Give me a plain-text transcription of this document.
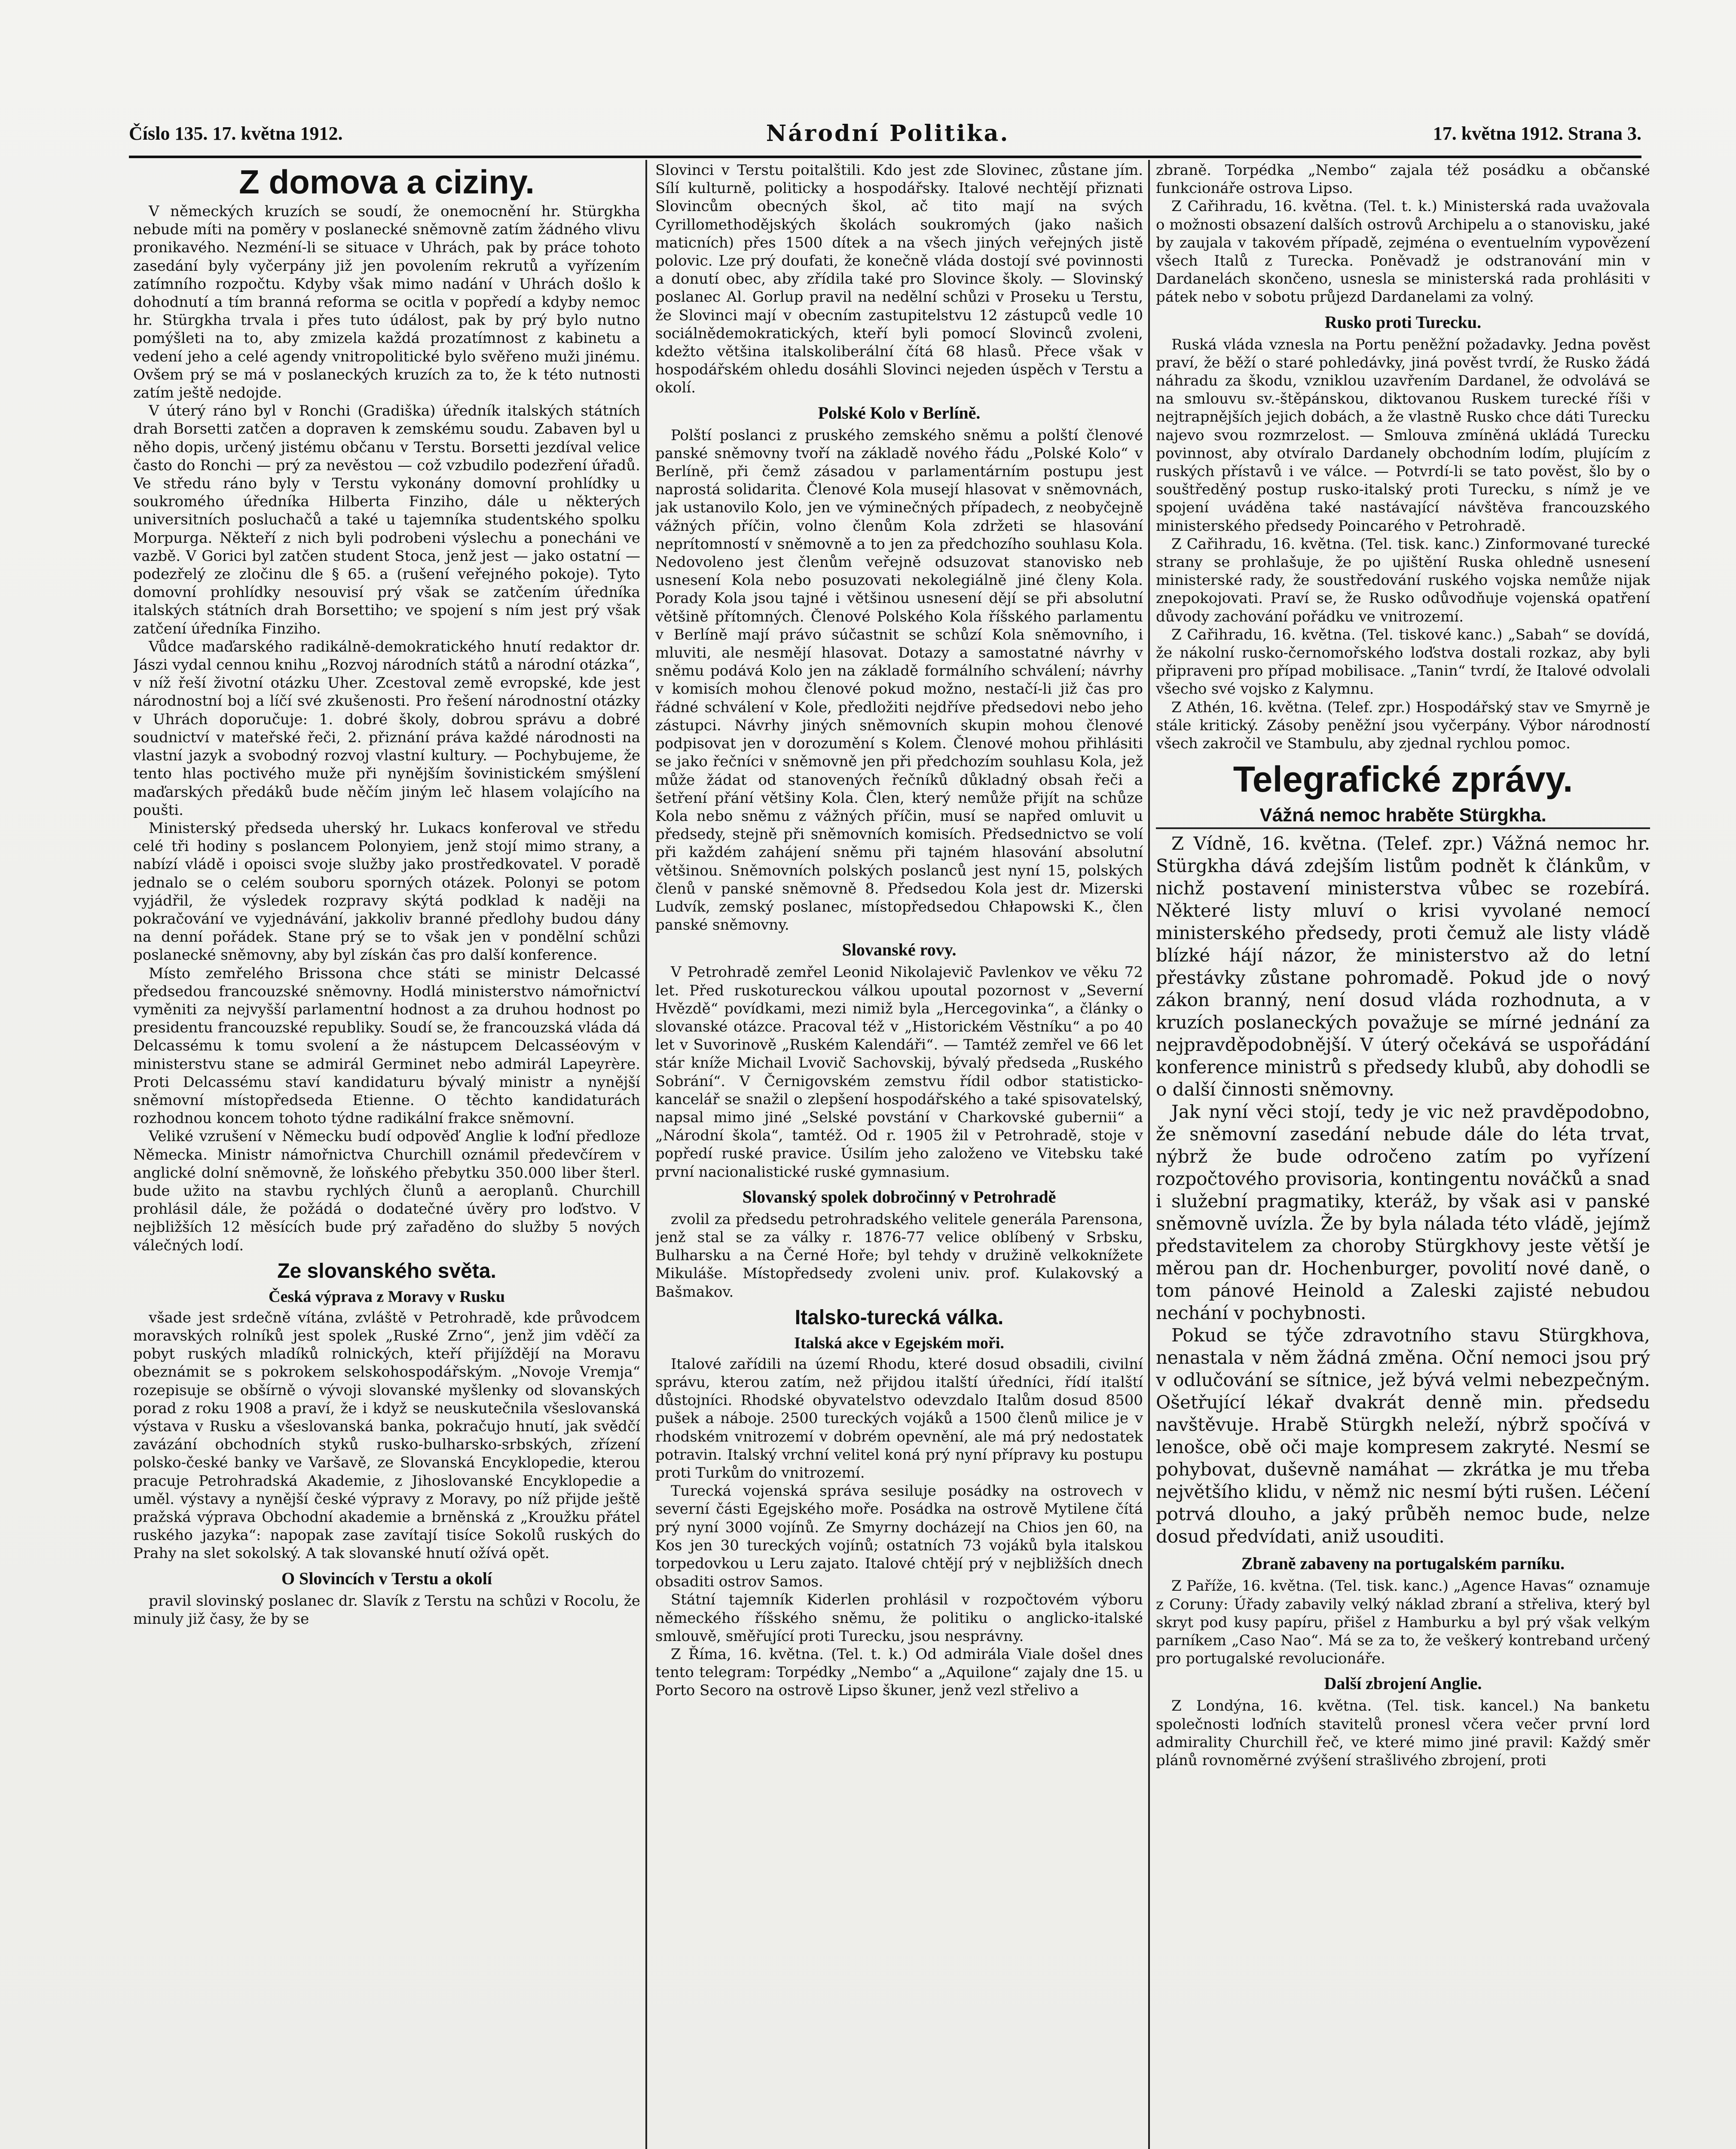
Číslo 135. 17. května 1912.	Národní Politika.	17. května 1912. Strana 3.
Z domova a ciziny.

V německých kruzích se soudí, že onemocnění hr. Stürgkha nebude míti na poměry v poslanecké sněmovně zatím žádného vlivu pronikavého. Nezméní-li se situace v Uhrách, pak by práce tohoto zasedání byly vyčerpány již jen povolením rekrutů a vyřízením zatímního rozpočtu. Kdyby však mimo nadání v Uhrách došlo k dohodnutí a tím branná reforma se ocitla v popředí a kdyby nemoc hr. Stürgkha trvala i přes tuto údálost, pak by prý bylo nutno pomýšleti na to, aby zmizela každá prozatímnost z kabinetu a vedení jeho a celé agendy vnitropolitické bylo svěřeno muži jinému. Ovšem prý se má v poslaneckých kruzích za to, že k této nutnosti zatím ještě nedojde.

V úterý ráno byl v Ronchi (Gradiška) úředník italských státních drah Borsetti zatčen a dopraven k zemskému soudu. Zabaven byl u něho dopis, určený jistému občanu v Terstu. Borsetti jezdíval velice často do Ronchi — prý za nevěstou — což vzbudilo podezření úřadů. Ve středu ráno byly v Terstu vykonány domovní prohlídky u soukromého úředníka Hilberta Finziho, dále u některých universitních posluchačů a také u tajemníka studentského spolku Morpurga. Někteří z nich byli podrobeni výslechu a ponecháni ve vazbě. V Gorici byl zatčen student Stoca, jenž jest — jako ostatní — podezřelý ze zločinu dle § 65. a (rušení veřejného pokoje). Tyto domovní prohlídky nesouvisí prý však se zatčením úředníka italských státních drah Borsettiho; ve spojení s ním jest prý však zatčení úředníka Finziho.

Vůdce maďarského radikálně-demokratického hnutí redaktor dr. Jászi vydal cennou knihu „Rozvoj národních států a národní otázka“, v níž řeší životní otázku Uher. Zcestoval země evropské, kde jest národnostní boj a líčí své zkušenosti. Pro řešení národnostní otázky v Uhrách doporučuje: 1. dobré školy, dobrou správu a dobré soudnictví v mateřské řeči, 2. přiznání práva každé národnosti na vlastní jazyk a svobodný rozvoj vlastní kultury. — Pochybujeme, že tento hlas poctivého muže při nynějším šovinistickém smýšlení maďarských předáků bude něčím jiným leč hlasem volajícího na poušti.

Ministerský předseda uherský hr. Lukacs konferoval ve středu celé tři hodiny s poslancem Polonyiem, jenž stojí mimo strany, a nabízí vládě i opoisci svoje služby jako prostředkovatel. V poradě jednalo se o celém souboru sporných otázek. Polonyi se potom vyjádřil, že výsledek rozpravy skýtá podklad k naději na pokračování ve vyjednávání, jakkoliv branné předlohy budou dány na denní pořádek. Stane prý se to však jen v pondělní schůzi poslanecké sněmovny, aby byl získán čas pro další konference.

Místo zemřelého Brissona chce státi se ministr Delcassé předsedou francouzské sněmovny. Hodlá ministerstvo námořnictví vyměniti za nejvyšší parlamentní hodnost a za druhou hodnost po presidentu francouzské republiky. Soudí se, že francouzská vláda dá Delcassému k tomu svolení a že nástupcem Delcasséovým v ministerstvu stane se admirál Germinet nebo admirál Lapeyrère. Proti Delcassému staví kandidaturu bývalý ministr a nynější sněmovní místopředseda Etienne. O těchto kandidaturách rozhodnou koncem tohoto týdne radikální frakce sněmovní.

Veliké vzrušení v Německu budí odpověď Anglie k loďní předloze Německa. Ministr námořnictva Churchill oznámil předevčírem v anglické dolní sněmovně, že loňského přebytku 350.000 liber šterl. bude užito na stavbu rychlých člunů a aeroplanů. Churchill prohlásil dále, že požádá o dodatečné úvěry pro loďstvo. V nejbližších 12 měsících bude prý zařaděno do služby 5 nových válečných lodí.

Ze slovanského světa.
Česká výprava z Moravy v Rusku

všade jest srdečně vítána, zvláště v Petrohradě, kde průvodcem moravských rolníků jest spolek „Ruské Zrno“, jenž jim vděčí za pobyt ruských mladíků rolnických, kteří přijíždějí na Moravu obeznámit se s pokrokem selskohospodářským. „Novoje Vremja“ rozepisuje se obšírně o vývoji slovanské myšlenky od slovanských porad z roku 1908 a praví, že i když se neuskutečnila všeslovanská výstava v Rusku a všeslovanská banka, pokračujo hnutí, jak svědčí zavázání obchodních styků rusko-bulharsko-srbských, zřízení polsko-české banky ve Varšavě, ze Slovanská Encyklopedie, kterou pracuje Petrohradská Akademie, z Jihoslovanské Encyklopedie a uměl. výstavy a nynější české výpravy z Moravy, po níž přijde ještě pražská výprava Obchodní akademie a brněnská z „Kroužku přátel ruského jazyka“: napopak zase zavítají tisíce Sokolů ruských do Prahy na slet sokolský. A tak slovanské hnutí ožívá opět.

O Slovincích v Terstu a okolí

pravil slovinský poslanec dr. Slavík z Terstu na schůzi v Rocolu, že minuly již časy, že by se

Slovinci v Terstu poitalštili. Kdo jest zde Slovinec, zůstane jím. Sílí kulturně, politicky a hospodářsky. Italové nechtějí přiznati Slovincům obecných škol, ač tito mají na svých Cyrillomethodějských školách soukromých (jako našich maticních) přes 1500 dítek a na všech jiných veřejných jistě polovic. Lze prý doufati, že konečně vláda dostojí své povinnosti a donutí obec, aby zřídila také pro Slovince školy. — Slovinský poslanec Al. Gorlup pravil na nedělní schůzi v Proseku u Terstu, že Slovinci mají v obecním zastupitelstvu 12 zástupců vedle 10 sociálnědemokratických, kteří byli pomocí Slovinců zvoleni, kdežto většina italskoliberální čítá 68 hlasů. Přece však v hospodářském ohledu dosáhli Slovinci nejeden úspěch v Terstu a okolí.

Polské Kolo v Berlíně.

Polští poslanci z pruského zemského sněmu a polští členové panské sněmovny tvoří na základě nového řádu „Polské Kolo“ v Berlíně, při čemž zásadou v parlamentárním postupu jest naprostá solidarita. Členové Kola musejí hlasovat v sněmovnách, jak ustanovilo Kolo, jen ve výminečných případech, z neobyčejně vážných příčin, volno členům Kola zdržeti se hlasování neprítomností v sněmovně a to jen za předchozího souhlasu Kola. Nedovoleno jest členům veřejně odsuzovat stanovisko neb usnesení Kola nebo posuzovati nekolegiálně jiné členy Kola. Porady Kola jsou tajné i většinou usnesení dějí se při absolutní většině přítomných. Členové Polského Kola říšského parlamentu v Berlíně mají právo súčastnit se schůzí Kola sněmovního, i mluviti, ale nesmějí hlasovat. Dotazy a samostatné návrhy v sněmu podává Kolo jen na základě formálního schválení; návrhy v komisích mohou členové pokud možno, nestačí-li již čas pro řádné schválení v Kole, předložiti nejdříve předsedovi nebo jeho zástupci. Návrhy jiných sněmovních skupin mohou členové podpisovat jen v dorozumění s Kolem. Členové mohou přihlásiti se jako řečníci v sněmovně jen při předchozím souhlasu Kola, jež může žádat od stanovených řečníků důkladný obsah řeči a šetření přání většiny Kola. Člen, který nemůže přijít na schůze Kola nebo sněmu z vážných příčin, musí se napřed omluvit u předsedy, stejně při sněmovních komisích. Předsednictvo se volí při každém zahájení sněmu při tajném hlasování absolutní většinou. Sněmovních polských poslanců jest nyní 15, polských členů v panské sněmovně 8. Předsedou Kola jest dr. Mizerski Ludvík, zemský poslanec, místopředsedou Chłapowski K., člen panské sněmovny.

Slovanské rovy.

V Petrohradě zemřel Leonid Nikolajevič Pavlenkov ve věku 72 let. Před ruskotureckou válkou upoutal pozornost v „Severní Hvězdě“ povídkami, mezi nimiž byla „Hercegovinka“, a články o slovanské otázce. Pracoval též v „Historickém Věstníku“ a po 40 let v Suvorinově „Ruském Kalendáři“. — Tamtéž zemřel ve 66 let stár kníže Michail Lvovič Sachovskij, bývalý předseda „Ruského Sobrání“. V Černigovském zemstvu řídil odbor statisticko-kancelář se snažil o zlepšení hospodářského a také spisovatelský, napsal mimo jiné „Selské povstání v Charkovské gubernii“ a „Národní škola“, tamtéž. Od r. 1905 žil v Petrohradě, stoje v popředí ruské pravice. Úsilím jeho založeno ve Vitebsku také první nacionalistické ruské gymnasium.

Slovanský spolek dobročinný v Petrohradě

zvolil za předsedu petrohradského velitele generála Parensona, jenž stal se za války r. 1876-77 velice oblíbený v Srbsku, Bulharsku a na Černé Hoře; byl tehdy v družině velkoknížete Mikuláše. Místopředsedy zvoleni univ. prof. Kulakovský a Bašmakov.

Italsko-turecká válka.
Italská akce v Egejském moři.

Italové zařídili na území Rhodu, které dosud obsadili, civilní správu, kterou zatím, než přijdou italští úředníci, řídí italští důstojníci. Rhodské obyvatelstvo odevzdalo Italům dosud 8500 pušek a náboje. 2500 tureckých vojáků a 1500 členů milice je v rhodském vnitrozemí v dobrém opevnění, ale má prý nedostatek potravin. Italský vrchní velitel koná prý nyní přípravy ku postupu proti Turkům do vnitrozemí.

Turecká vojenská správa sesiluje posádky na ostrovech v severní části Egejského moře. Posádka na ostrově Mytilene čítá prý nyní 3000 vojínů. Ze Smyrny docházejí na Chios jen 60, na Kos jen 30 tureckých vojínů; ostatních 73 vojáků byla italskou torpedovkou u Leru zajato. Italové chtějí prý v nejbližších dnech obsaditi ostrov Samos.

Státní tajemník Kiderlen prohlásil v rozpočtovém výboru německého říšského sněmu, že politiku o anglicko-italské smlouvě, směřující proti Turecku, jsou nesprávny.

Z Říma, 16. května. (Tel. t. k.) Od admirála Viale došel dnes tento telegram: Torpédky „Nembo“ a „Aquilone“ zajaly dne 15. u Porto Secoro na ostrově Lipso škuner, jenž vezl střelivo a

zbraně. Torpédka „Nembo“ zajala též posádku a občanské funkcionáře ostrova Lipso.

Z Cařihradu, 16. května. (Tel. t. k.) Ministerská rada uvažovala o možnosti obsazení dalších ostrovů Archipelu a o stanovisku, jaké by zaujala v takovém případě, zejména o eventuelním vypovězení všech Italů z Turecka. Poněvadž je odstranování min v Dardanelách skončeno, usnesla se ministerská rada prohlásiti v pátek nebo v sobotu průjezd Dardanelami za volný.

Rusko proti Turecku.

Ruská vláda vznesla na Portu peněžní požadavky. Jedna pověst praví, že běží o staré pohledávky, jiná pověst tvrdí, že Rusko žádá náhradu za škodu, vzniklou uzavřením Dardanel, že odvolává se na smlouvu sv.-štěpánskou, diktovanou Ruskem turecké říši v nejtrapnějších jejich dobách, a že vlastně Rusko chce dáti Turecku najevo svou rozmrzelost. — Smlouva zmíněná ukládá Turecku povinnost, aby otvíralo Dardanely obchodním lodím, plujícím z ruských přístavů i ve válce. — Potvrdí-li se tato pověst, šlo by o souštředěný postup rusko-italský proti Turecku, s nímž je ve spojení uváděna také nastávající návštěva francouzského ministerského předsedy Poincarého v Petrohradě.

Z Cařihradu, 16. května. (Tel. tisk. kanc.) Zinformované turecké strany se prohlašuje, že po ujištění Ruska ohledně usnesení ministerské rady, že soustředování ruského vojska nemůže nijak znepokojovati. Praví se, že Rusko odůvodňuje vojenská opatření důvody zachování pořádku ve vnitrozemí.

Z Cařihradu, 16. května. (Tel. tiskové kanc.) „Sabah“ se dovídá, že nákolní rusko-černomořského loďstva dostali rozkaz, aby byli připraveni pro případ mobilisace. „Tanin“ tvrdí, že Italové odvolali všecho své vojsko z Kalymnu.

Z Athén, 16. května. (Telef. zpr.) Hospodářský stav ve Smyrně je stále kritický. Zásoby peněžní jsou vyčerpány. Výbor národností všech zakročil ve Stambulu, aby zjednal rychlou pomoc.

Telegrafické zprávy.
Vážná nemoc hraběte Stürgkha.

Z Vídně, 16. května. (Telef. zpr.) Vážná nemoc hr. Stürgkha dává zdejším listům podnět k článkům, v nichž postavení ministerstva vůbec se rozebírá. Některé listy mluví o krisi vyvolané nemocí ministerského předsedy, proti čemuž ale listy vládě blízké hájí názor, že ministerstvo až do letní přestávky zůstane pohromadě. Pokud jde o nový zákon branný, není dosud vláda rozhodnuta, a v kruzích poslaneckých považuje se mírné jednání za nejpravděpodobnější. V úterý očekává se uspořádání konference ministrů s předsedy klubů, aby dohodli se o další činnosti sněmovny.

Jak nyní věci stojí, tedy je vic než pravděpodobno, že sněmovní zasedání nebude dále do léta trvat, nýbrž že bude odročeno zatím po vyřízení rozpočtového provisoria, kontingentu nováčků a snad i služební pragmatiky, kteráž, by však asi v panské sněmovně uvízla. Že by byla nálada této vládě, jejímž představitelem za choroby Stürgkhovy jeste větší je měrou pan dr. Hochenburger, povolití nové daně, o tom pánové Heinold a Zaleski zajisté nebudou nechání v pochybnosti.

Pokud se týče zdravotního stavu Stürgkhova, nenastala v něm žádná změna. Oční nemoci jsou prý v odlučování se sítnice, jež bývá velmi nebezpečným. Ošetřující lékař dvakrát denně min. předsedu navštěvuje. Hrabě Stürgkh neleží, nýbrž spočívá v lenošce, obě oči maje kompresem zakryté. Nesmí se pohybovat, duševně namáhat — zkrátka je mu třeba největšího klidu, v němž nic nesmí býti rušen. Léčení potrvá dlouho, a jaký průběh nemoc bude, nelze dosud předvídati, aniž usouditi.

Zbraně zabaveny na portugalském parníku.

Z Paříže, 16. května. (Tel. tisk. kanc.) „Agence Havas“ oznamuje z Coruny: Úřady zabavily velký náklad zbraní a střeliva, který byl skryt pod kusy papíru, přišel z Hamburku a byl prý však velkým parníkem „Caso Nao“. Má se za to, že veškerý kontreband určený pro portugalské revolucionáře.

Další zbrojení Anglie.

Z Londýna, 16. května. (Tel. tisk. kancel.) Na banketu společnosti loďních stavitelů pronesl včera večer první lord admirality Churchill řeč, ve které mimo jiné pravil: Každý směr plánů rovnoměrné zvýšení strašlivého zbrojení, proti
